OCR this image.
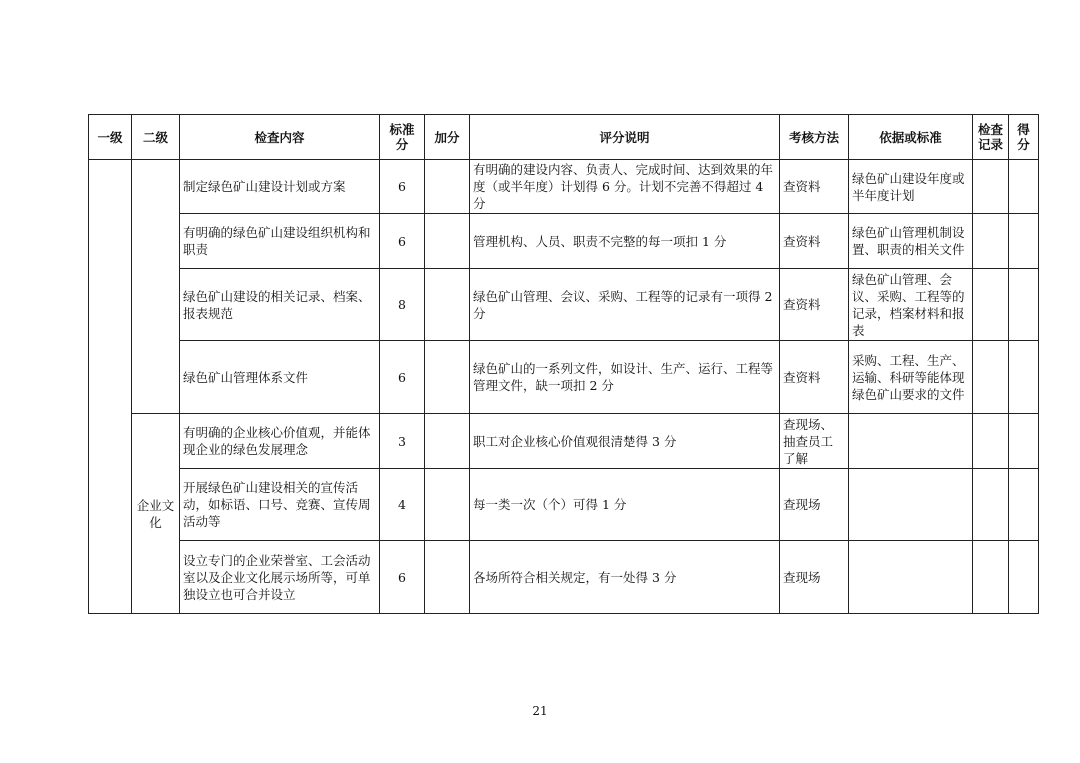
一级	二级	检查内容	标准分	加分	评分说明	考核方法	依据或标准	检查记录	得分

		制定绿色矿山建设计划或方案	6		有明确的建设内容、负责人、完成时间、达到效果的年度（或半年度）计划得 6 分。计划不完善不得超过 4 分	查资料	绿色矿山建设年度或半年度计划		

		有明确的绿色矿山建设组织机构和职责	6		管理机构、人员、职责不完整的每一项扣 1 分	查资料	绿色矿山管理机制设置、职责的相关文件		

		绿色矿山建设的相关记录、档案、报表规范	8		绿色矿山管理、会议、采购、工程等的记录有一项得 2 分	查资料	绿色矿山管理、会议、采购、工程等的记录，档案材料和报表		

		绿色矿山管理体系文件	6		绿色矿山的一系列文件，如设计、生产、运行、工程等管理文件，缺一项扣 2 分	查资料	采购、工程、生产、运输、科研等能体现绿色矿山要求的文件		

	企业文化	有明确的企业核心价值观，并能体现企业的绿色发展理念	3		职工对企业核心价值观很清楚得 3 分	查现场、抽查员工了解			

		开展绿色矿山建设相关的宣传活动，如标语、口号、竞赛、宣传周活动等	4		每一类一次（个）可得 1 分	查现场			

		设立专门的企业荣誉室、工会活动室以及企业文化展示场所等，可单独设立也可合并设立	6		各场所符合相关规定，有一处得 3 分	查现场			
21
